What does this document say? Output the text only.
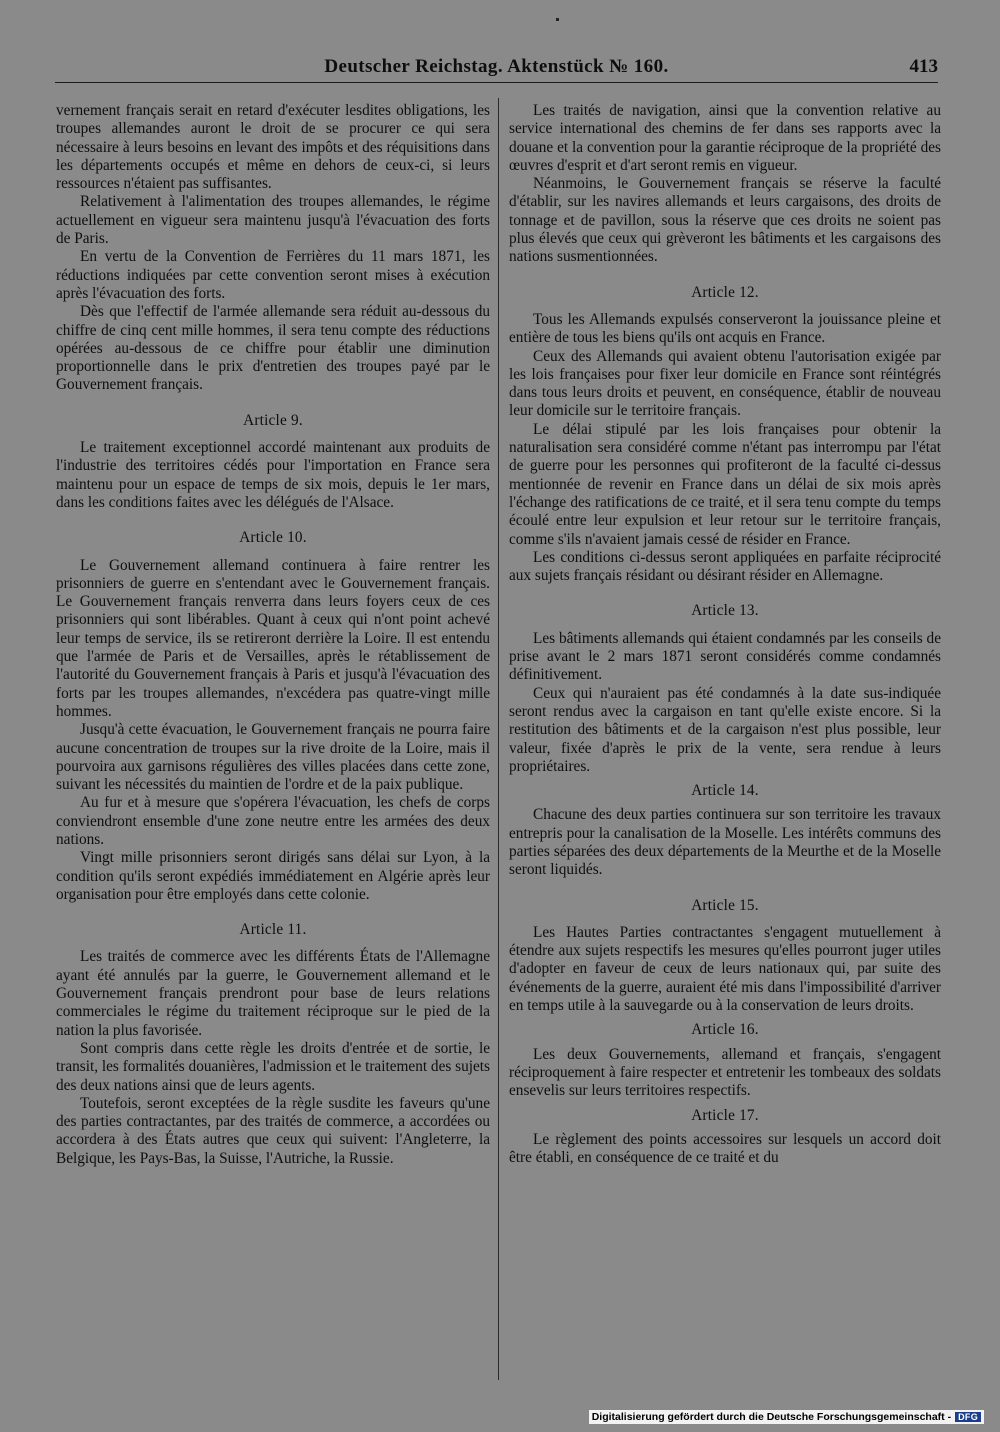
Deutscher Reichstag. Aktenstück № 160.	413

vernement français serait en retard d'exécuter lesdites obligations, les troupes allemandes auront le droit de se procurer ce qui sera nécessaire à leurs besoins en levant des impôts et des réquisitions dans les départements occupés et même en dehors de ceux-ci, si leurs ressources n'étaient pas suffisantes.

Relativement à l'alimentation des troupes allemandes, le régime actuellement en vigueur sera maintenu jusqu'à l'évacuation des forts de Paris.

En vertu de la Convention de Ferrières du 11 mars 1871, les réductions indiquées par cette convention seront mises à exécution après l'évacuation des forts.

Dès que l'effectif de l'armée allemande sera réduit au-dessous du chiffre de cinq cent mille hommes, il sera tenu compte des réductions opérées au-dessous de ce chiffre pour établir une diminution proportionnelle dans le prix d'entretien des troupes payé par le Gouvernement français.

Article 9.

Le traitement exceptionnel accordé maintenant aux produits de l'industrie des territoires cédés pour l'importation en France sera maintenu pour un espace de temps de six mois, depuis le 1er mars, dans les conditions faites avec les délégués de l'Alsace.

Article 10.

Le Gouvernement allemand continuera à faire rentrer les prisonniers de guerre en s'entendant avec le Gouvernement français. Le Gouvernement français renverra dans leurs foyers ceux de ces prisonniers qui sont libérables. Quant à ceux qui n'ont point achevé leur temps de service, ils se retireront derrière la Loire. Il est entendu que l'armée de Paris et de Versailles, après le rétablissement de l'autorité du Gouvernement français à Paris et jusqu'à l'évacuation des forts par les troupes allemandes, n'excédera pas quatre-vingt mille hommes.

Jusqu'à cette évacuation, le Gouvernement français ne pourra faire aucune concentration de troupes sur la rive droite de la Loire, mais il pourvoira aux garnisons régulières des villes placées dans cette zone, suivant les nécessités du maintien de l'ordre et de la paix publique.

Au fur et à mesure que s'opérera l'évacuation, les chefs de corps conviendront ensemble d'une zone neutre entre les armées des deux nations.

Vingt mille prisonniers seront dirigés sans délai sur Lyon, à la condition qu'ils seront expédiés immédiatement en Algérie après leur organisation pour être employés dans cette colonie.

Article 11.

Les traités de commerce avec les différents États de l'Allemagne ayant été annulés par la guerre, le Gouvernement allemand et le Gouvernement français prendront pour base de leurs relations commerciales le régime du traitement réciproque sur le pied de la nation la plus favorisée.

Sont compris dans cette règle les droits d'entrée et de sortie, le transit, les formalités douanières, l'admission et le traitement des sujets des deux nations ainsi que de leurs agents.

Toutefois, seront exceptées de la règle susdite les faveurs qu'une des parties contractantes, par des traités de commerce, a accordées ou accordera à des États autres que ceux qui suivent: l'Angleterre, la Belgique, les Pays-Bas, la Suisse, l'Autriche, la Russie.

Les traités de navigation, ainsi que la convention relative au service international des chemins de fer dans ses rapports avec la douane et la convention pour la garantie réciproque de la propriété des œuvres d'esprit et d'art seront remis en vigueur.

Néanmoins, le Gouvernement français se réserve la faculté d'établir, sur les navires allemands et leurs cargaisons, des droits de tonnage et de pavillon, sous la réserve que ces droits ne soient pas plus élevés que ceux qui grèveront les bâtiments et les cargaisons des nations susmentionnées.

Article 12.

Tous les Allemands expulsés conserveront la jouissance pleine et entière de tous les biens qu'ils ont acquis en France.

Ceux des Allemands qui avaient obtenu l'autorisation exigée par les lois françaises pour fixer leur domicile en France sont réintégrés dans tous leurs droits et peuvent, en conséquence, établir de nouveau leur domicile sur le territoire français.

Le délai stipulé par les lois françaises pour obtenir la naturalisation sera considéré comme n'étant pas interrompu par l'état de guerre pour les personnes qui profiteront de la faculté ci-dessus mentionnée de revenir en France dans un délai de six mois après l'échange des ratifications de ce traité, et il sera tenu compte du temps écoulé entre leur expulsion et leur retour sur le territoire français, comme s'ils n'avaient jamais cessé de résider en France.

Les conditions ci-dessus seront appliquées en parfaite réciprocité aux sujets français résidant ou désirant résider en Allemagne.

Article 13.

Les bâtiments allemands qui étaient condamnés par les conseils de prise avant le 2 mars 1871 seront considérés comme condamnés définitivement.

Ceux qui n'auraient pas été condamnés à la date sus-indiquée seront rendus avec la cargaison en tant qu'elle existe encore. Si la restitution des bâtiments et de la cargaison n'est plus possible, leur valeur, fixée d'après le prix de la vente, sera rendue à leurs propriétaires.

Article 14.

Chacune des deux parties continuera sur son territoire les travaux entrepris pour la canalisation de la Moselle. Les intérêts communs des parties séparées des deux départements de la Meurthe et de la Moselle seront liquidés.

Article 15.

Les Hautes Parties contractantes s'engagent mutuellement à étendre aux sujets respectifs les mesures qu'elles pourront juger utiles d'adopter en faveur de ceux de leurs nationaux qui, par suite des événements de la guerre, auraient été mis dans l'impossibilité d'arriver en temps utile à la sauvegarde ou à la conservation de leurs droits.

Article 16.

Les deux Gouvernements, allemand et français, s'engagent réciproquement à faire respecter et entretenir les tombeaux des soldats ensevelis sur leurs territoires respectifs.

Article 17.

Le règlement des points accessoires sur lesquels un accord doit être établi, en conséquence de ce traité et du

Digitalisierung gefördert durch die Deutsche Forschungsgemeinschaft - DFG
